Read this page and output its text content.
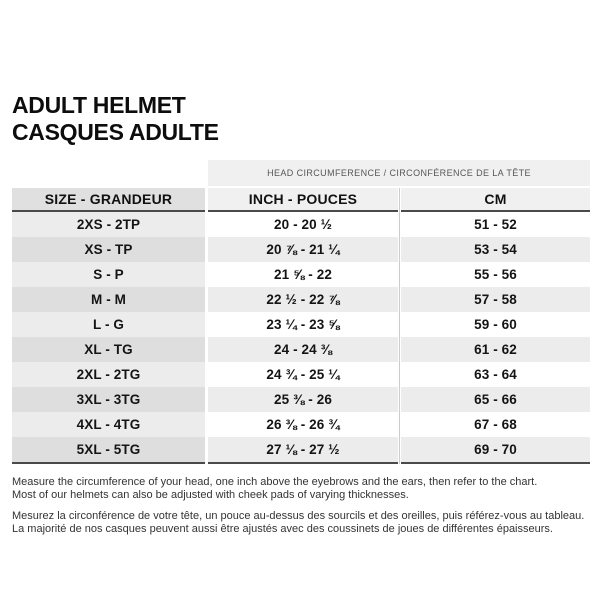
ADULT HELMET
CASQUES ADULTE
HEAD CIRCUMFERENCE / CIRCONFÉRENCE DE LA TÊTE
SIZE - GRANDEUR	INCH - POUCES	CM
2XS - 2TP	20 - 20 ½	51 - 52
XS - TP	20 ⅞ - 21 ¼	53 - 54
S - P	21 ⅝ - 22	55 - 56
M - M	22 ½ - 22 ⅞	57 - 58
L - G	23 ¼ - 23 ⅝	59 - 60
XL - TG	24 - 24 ⅜	61 - 62
2XL - 2TG	24 ¾ - 25 ¼	63 - 64
3XL - 3TG	25 ⅜ - 26	65 - 66
4XL - 4TG	26 ⅜ - 26 ¾	67 - 68
5XL - 5TG	27 ⅛ - 27 ½	69 - 70
Measure the circumference of your head, one inch above the eyebrows and the ears, then refer to the chart.
Most of our helmets can also be adjusted with cheek pads of varying thicknesses.
Mesurez la circonférence de votre tête, un pouce au-dessus des sourcils et des oreilles, puis référez-vous au tableau.
La majorité de nos casques peuvent aussi être ajustés avec des coussinets de joues de différentes épaisseurs.
